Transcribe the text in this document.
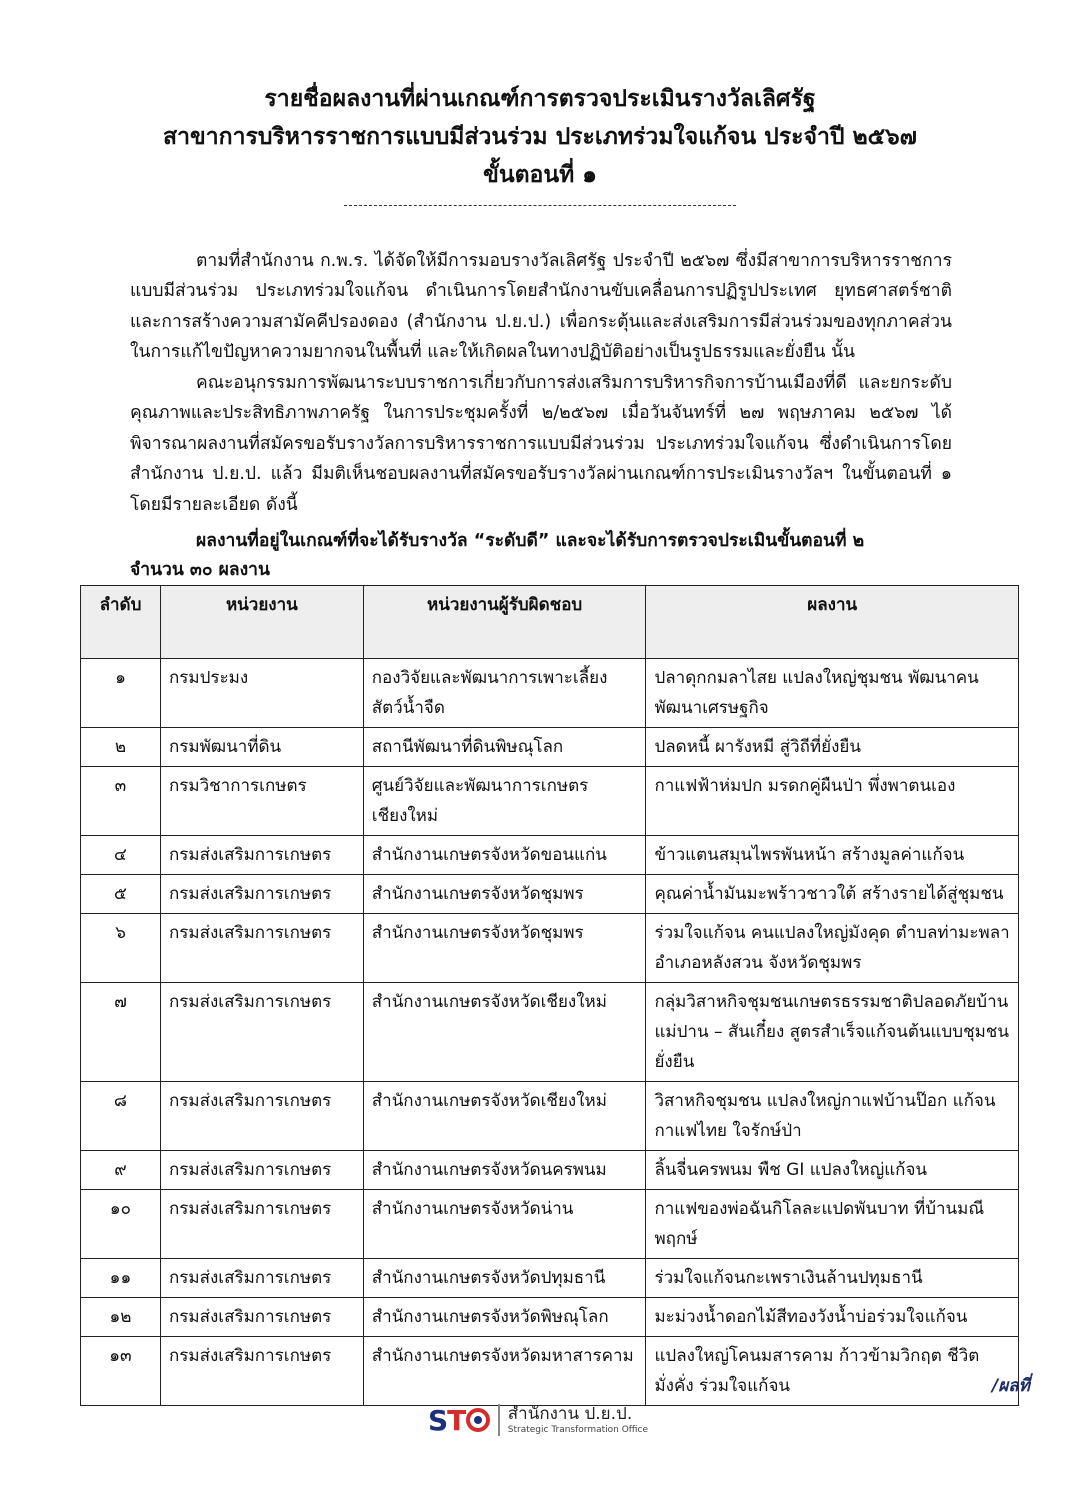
รายชื่อผลงานที่ผ่านเกณฑ์การตรวจประเมินรางวัลเลิศรัฐ
สาขาการบริหารราชการแบบมีส่วนร่วม ประเภทร่วมใจแก้จน ประจำปี ๒๕๖๗
ขั้นตอนที่ ๑

ตามที่สำนักงาน ก.พ.ร. ได้จัดให้มีการมอบรางวัลเลิศรัฐ ประจำปี ๒๕๖๗ ซึ่งมีสาขาการบริหารราชการแบบมีส่วนร่วม ประเภทร่วมใจแก้จน ดำเนินการโดยสำนักงานขับเคลื่อนการปฏิรูปประเทศ ยุทธศาสตร์ชาติ และการสร้างความสามัคคีปรองดอง (สำนักงาน ป.ย.ป.) เพื่อกระตุ้นและส่งเสริมการมีส่วนร่วมของทุกภาคส่วนในการแก้ไขปัญหาความยากจนในพื้นที่ และให้เกิดผลในทางปฏิบัติอย่างเป็นรูปธรรมและยั่งยืน นั้น

คณะอนุกรรมการพัฒนาระบบราชการเกี่ยวกับการส่งเสริมการบริหารกิจการบ้านเมืองที่ดี และยกระดับคุณภาพและประสิทธิภาพภาครัฐ ในการประชุมครั้งที่ ๒/๒๕๖๗ เมื่อวันจันทร์ที่ ๒๗ พฤษภาคม ๒๕๖๗ ได้พิจารณาผลงานที่สมัครขอรับรางวัลการบริหารราชการแบบมีส่วนร่วม ประเภทร่วมใจแก้จน ซึ่งดำเนินการโดยสำนักงาน ป.ย.ป. แล้ว มีมติเห็นชอบผลงานที่สมัครขอรับรางวัลผ่านเกณฑ์การประเมินรางวัลฯ ในขั้นตอนที่ ๑ โดยมีรายละเอียด ดังนี้

ผลงานที่อยู่ในเกณฑ์ที่จะได้รับรางวัล “ระดับดี” และจะได้รับการตรวจประเมินขั้นตอนที่ ๒

จำนวน ๓๐ ผลงาน

ลำดับ	หน่วยงาน	หน่วยงานผู้รับผิดชอบ	ผลงาน
๑	กรมประมง	กองวิจัยและพัฒนาการเพาะเลี้ยงสัตว์น้ำจืด	ปลาดุกกมลาไสย แปลงใหญ่ชุมชน พัฒนาคนพัฒนาเศรษฐกิจ
๒	กรมพัฒนาที่ดิน	สถานีพัฒนาที่ดินพิษณุโลก	ปลดหนี้ ผารังหมี สู่วิถีที่ยั่งยืน
๓	กรมวิชาการเกษตร	ศูนย์วิจัยและพัฒนาการเกษตรเชียงใหม่	กาแฟฟ้าห่มปก มรดกคู่ผืนป่า พึ่งพาตนเอง
๔	กรมส่งเสริมการเกษตร	สำนักงานเกษตรจังหวัดขอนแก่น	ข้าวแตนสมุนไพรพันหน้า สร้างมูลค่าแก้จน
๕	กรมส่งเสริมการเกษตร	สำนักงานเกษตรจังหวัดชุมพร	คุณค่าน้ำมันมะพร้าวชาวใต้ สร้างรายได้สู่ชุมชน
๖	กรมส่งเสริมการเกษตร	สำนักงานเกษตรจังหวัดชุมพร	ร่วมใจแก้จน คนแปลงใหญ่มังคุด ตำบลท่ามะพลา อำเภอหลังสวน จังหวัดชุมพร
๗	กรมส่งเสริมการเกษตร	สำนักงานเกษตรจังหวัดเชียงใหม่	กลุ่มวิสาหกิจชุมชนเกษตรธรรมชาติปลอดภัยบ้านแม่ปาน – สันเกี๋ยง สูตรสำเร็จแก้จนต้นแบบชุมชนยั่งยืน
๘	กรมส่งเสริมการเกษตร	สำนักงานเกษตรจังหวัดเชียงใหม่	วิสาหกิจชุมชน แปลงใหญ่กาแฟบ้านป๊อก แก้จน กาแฟไทย ใจรักษ์ป่า
๙	กรมส่งเสริมการเกษตร	สำนักงานเกษตรจังหวัดนครพนม	ลิ้นจี่นครพนม พืช GI แปลงใหญ่แก้จน
๑๐	กรมส่งเสริมการเกษตร	สำนักงานเกษตรจังหวัดน่าน	กาแฟของพ่อฉันกิโลละแปดพันบาท ที่บ้านมณีพฤกษ์
๑๑	กรมส่งเสริมการเกษตร	สำนักงานเกษตรจังหวัดปทุมธานี	ร่วมใจแก้จนกะเพราเงินล้านปทุมธานี
๑๒	กรมส่งเสริมการเกษตร	สำนักงานเกษตรจังหวัดพิษณุโลก	มะม่วงน้ำดอกไม้สีทองวังน้ำบ่อร่วมใจแก้จน
๑๓	กรมส่งเสริมการเกษตร	สำนักงานเกษตรจังหวัดมหาสารคาม	แปลงใหญ่โคนมสารคาม ก้าวข้ามวิกฤต ชีวิตมั่งคั่ง ร่วมใจแก้จน	/ผลที่
S T	สำนักงาน ป.ย.ป.
Strategic Transformation Office
